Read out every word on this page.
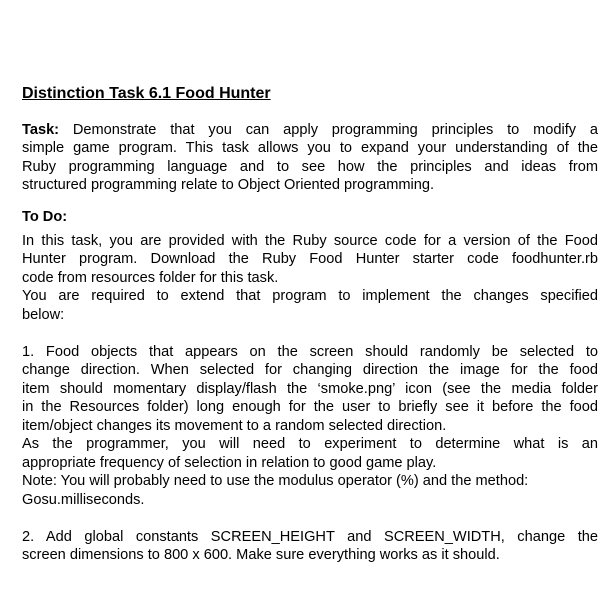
Distinction Task 6.1 Food Hunter
Task: Demonstrate that you can apply programming principles to modify a
simple game program. This task allows you to expand your understanding of the
Ruby programming language and to see how the principles and ideas from
structured programming relate to Object Oriented programming.
To Do:
In this task, you are provided with the Ruby source code for a version of the Food
Hunter program. Download the Ruby Food Hunter starter code foodhunter.rb
code from resources folder for this task.
You are required to extend that program to implement the changes specified
below:
1. Food objects that appears on the screen should randomly be selected to
change direction. When selected for changing direction the image for the food
item should momentary display/flash the ‘smoke.png’ icon (see the media folder
in the Resources folder) long enough for the user to briefly see it before the food
item/object changes its movement to a random selected direction.
As the programmer, you will need to experiment to determine what is an
appropriate frequency of selection in relation to good game play.
Note: You will probably need to use the modulus operator (%) and the method:
Gosu.milliseconds.
2. Add global constants SCREEN_HEIGHT and SCREEN_WIDTH, change the
screen dimensions to 800 x 600. Make sure everything works as it should.
